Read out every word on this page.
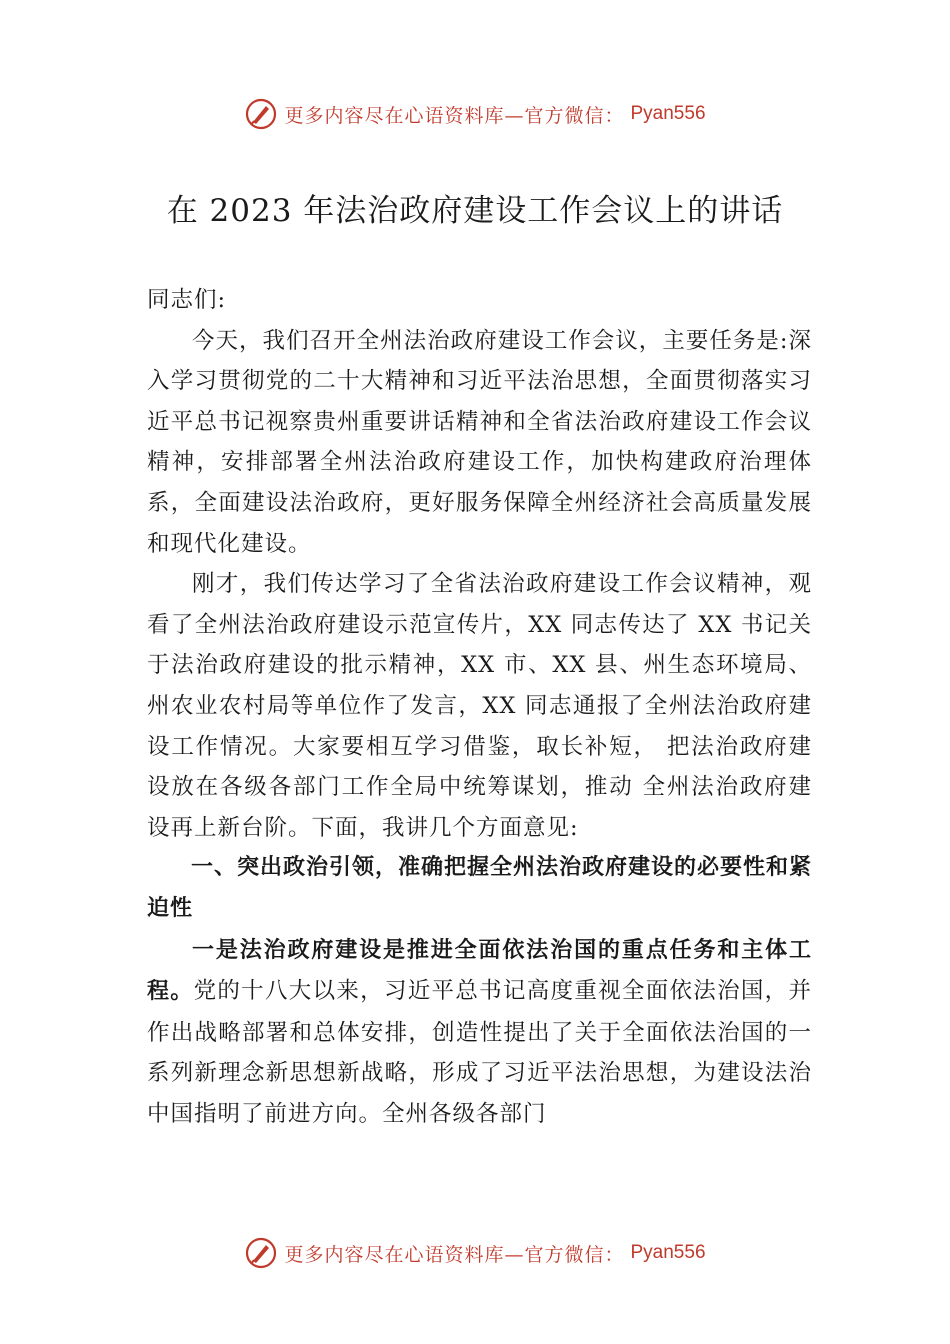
更多内容尽在心语资料库—官方微信： Pyan556
在 2023 年法治政府建设工作会议上的讲话

同志们:

今天，我们召开全州法治政府建设工作会议，主要任务是:深入学习贯彻党的二十大精神和习近平法治思想，全面贯彻落实习近平总书记视察贵州重要讲话精神和全省法治政府建设工作会议精神，安排部署全州法治政府建设工作，加快构建政府治理体系，全面建设法治政府，更好服务保障全州经济社会高质量发展和现代化建设。

刚才，我们传达学习了全省法治政府建设工作会议精神，观看了全州法治政府建设示范宣传片，XX 同志传达了 XX 书记关于法治政府建设的批示精神，XX 市、XX 县、州生态环境局、州农业农村局等单位作了发言，XX 同志通报了全州法治政府建设工作情况。大家要相互学习借鉴，取长补短， 把法治政府建设放在各级各部门工作全局中统筹谋划，推动 全州法治政府建设再上新台阶。下面，我讲几个方面意见:

一、突出政治引领，准确把握全州法治政府建设的必要性和紧迫性

一是法治政府建设是推进全面依法治国的重点任务和主体工程。党的十八大以来，习近平总书记高度重视全面依法治国，并作出战略部署和总体安排，创造性提出了关于全面依法治国的一系列新理念新思想新战略，形成了习近平法治思想，为建设法治中国指明了前进方向。全州各级各部门

更多内容尽在心语资料库—官方微信： Pyan556
